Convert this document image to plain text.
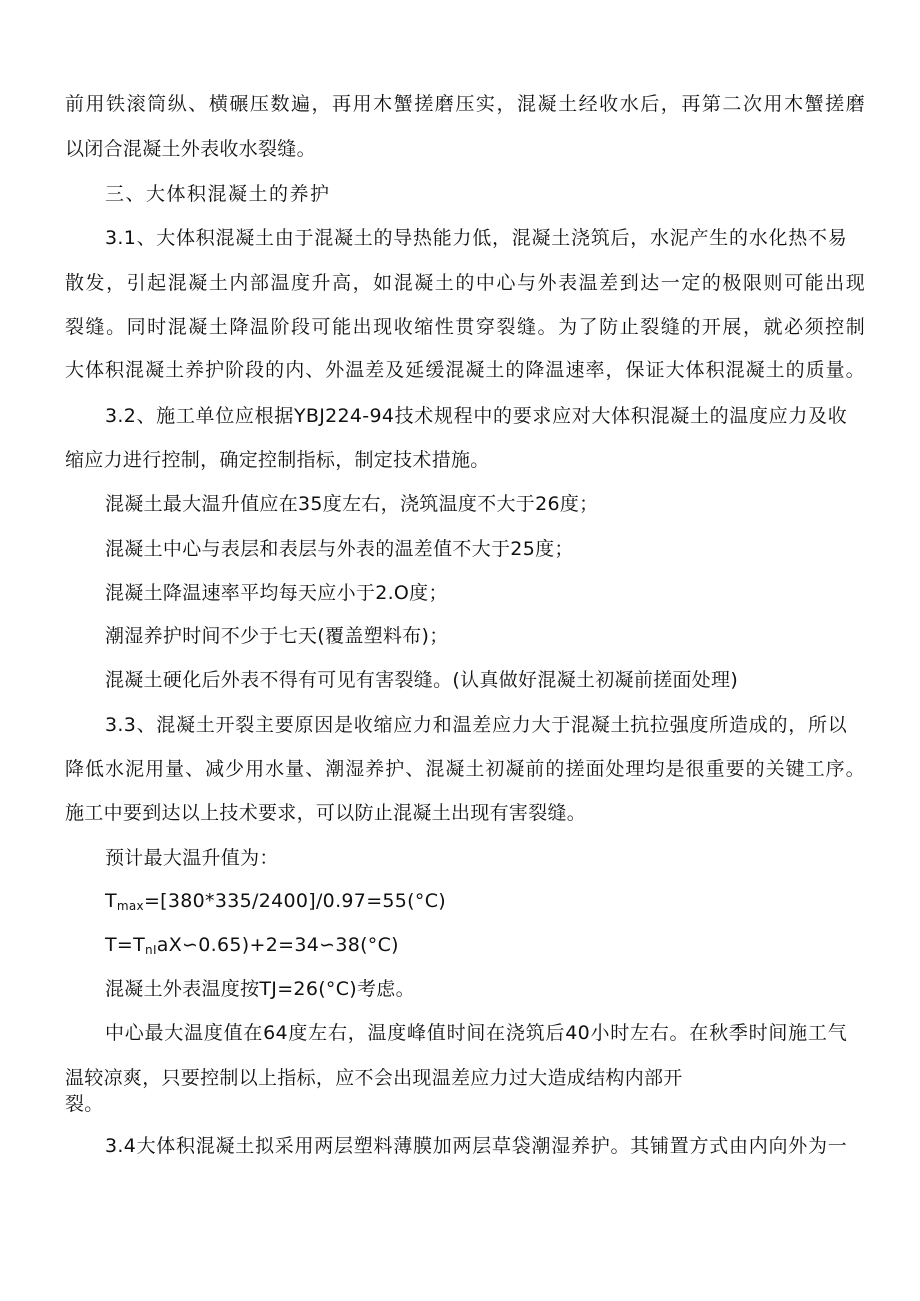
前用铁滚筒纵、横碾压数遍，再用木蟹搓磨压实，混凝土经收水后，再第二次用木蟹搓磨
以闭合混凝土外表收水裂缝。
三、大体积混凝土的养护
3.1、大体积混凝土由于混凝土的导热能力低，混凝土浇筑后，水泥产生的水化热不易
散发，引起混凝土内部温度升高，如混凝土的中心与外表温差到达一定的极限则可能出现
裂缝。同时混凝土降温阶段可能出现收缩性贯穿裂缝。为了防止裂缝的开展，就必须控制
大体积混凝土养护阶段的内、外温差及延缓混凝土的降温速率，保证大体积混凝土的质量。
3.2、施工单位应根据YBJ224-94技术规程中的要求应对大体积混凝土的温度应力及收
缩应力进行控制，确定控制指标，制定技术措施。
混凝土最大温升值应在35度左右，浇筑温度不大于26度；
混凝土中心与表层和表层与外表的温差值不大于25度；
混凝土降温速率平均每天应小于2.O度；
潮湿养护时间不少于七天(覆盖塑料布)；
混凝土硬化后外表不得有可见有害裂缝。(认真做好混凝土初凝前搓面处理)
3.3、混凝土开裂主要原因是收缩应力和温差应力大于混凝土抗拉强度所造成的，所以
降低水泥用量、减少用水量、潮湿养护、混凝土初凝前的搓面处理均是很重要的关键工序。
施工中要到达以上技术要求，可以防止混凝土出现有害裂缝。
预计最大温升值为：
$T_{max}=[380*335/2400]/0.97=55(^\circ C)$
$T=T_{nI}aX∽0.65)+2=34∽38(^\circ C)$
混凝土外表温度按TJ=26(°C)考虑。
中心最大温度值在64度左右，温度峰值时间在浇筑后40小时左右。在秋季时间施工气
温较凉爽，只要控制以上指标，应不会出现温差应力过大造成结构内部开
裂。
3.4大体积混凝土拟采用两层塑料薄膜加两层草袋潮湿养护。其铺置方式由内向外为一
